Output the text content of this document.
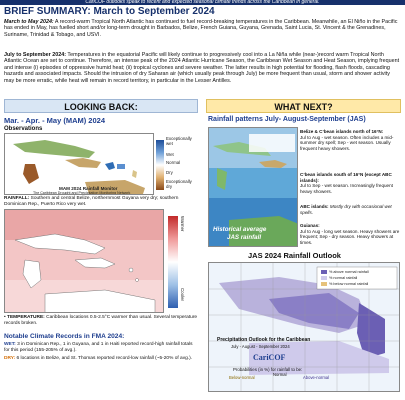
CariCOF outlooks speak to recent and expected seasonal climate trends across the Caribbean in general.
BRIEF SUMMARY: March to September 2024
March to May 2024: A record-warm Tropical North Atlantic has continued to fuel record-breaking temperatures in the Caribbean. Meanwhile, an El Niño in the Pacific has ended in May, has fuelled short and/or long-term drought in Barbados, Belize, French Guiana, Guyana, Grenada, Saint Lucia, St. Vincent & the Grenadines, Suriname, Trinidad & Tobago, and USVI.
July to September 2024: Temperatures in the equatorial Pacific will likely continue to progressively cool into a La Niña while (near-)record warm Tropical North Atlantic Ocean are set to continue. Therefore, an intense peak of the 2024 Atlantic Hurricane Season, the Caribbean Wet Season and Heat Season, implying frequent and intense (i) episodes of oppressive humid heat; (ii) tropical cyclones and severe weather. The latter results in high potential for flooding, flash floods, cascading hazards and associated impacts. Should the intrusion of dry Saharan air (which usually peak through July) be more frequent than usual, storm and shower activity may be more erratic, while heat will remain in record territory, in particular in the Lesser Antilles.
LOOKING BACK:
Mar. - Apr. - May (MAM) 2024
Observations
MAM 2024 Rainfall Monitor
The Caribbean Drought and Precipitation Monitoring Network
Exceptionally wet
Wet
Normal
Dry
Exceptionally dry
RAINFALL: Southern and central Belize, northernmost Guyana very dry; southern Dominican Rep., Puerto Rico very wet.
Warmer
Cooler
• TEMPERATURE: Caribbean locations 0.5-2.5°C warmer than usual. Several temperature records broken.
Notable Climate Records in FMA 2024:
WET: 3 in Dominican Rep., 1 in Guyana, and 1 in Haiti reported record-high rainfall totals for this period (155-205% of avg.).
DRY: 6 locations in Belize, and St. Thomas reported record-low rainfall (~5-20% of avg.).
WHAT NEXT?
Rainfall patterns July- August-September (JAS)
Historical average
JAS rainfall
Belize & C’bean islands north of 16°N:
Jul to Aug - wet season. Often includes a mid-summer dry spell; Sep - wet season. Usually frequent heavy showers.
C’bean islands south of 16°N (except ABC islands):
Jul to Sep - wet season. Increasingly frequent heavy showers.
ABC islands: Mostly dry with occasional wet spells.
Guianas:
Jul to Aug - long wet season. Heavy showers are frequent; Sep - dry season. Heavy showers at times.
JAS 2024 Rainfall Outlook
% above normal rainfall
% normal rainfall
% below normal rainfall
Precipitation Outlook for the Caribbean
July - August - September 2024
CariCOF
Probabilities (in %) for rainfall to be:
Below-normal
Normal
Above-normal
